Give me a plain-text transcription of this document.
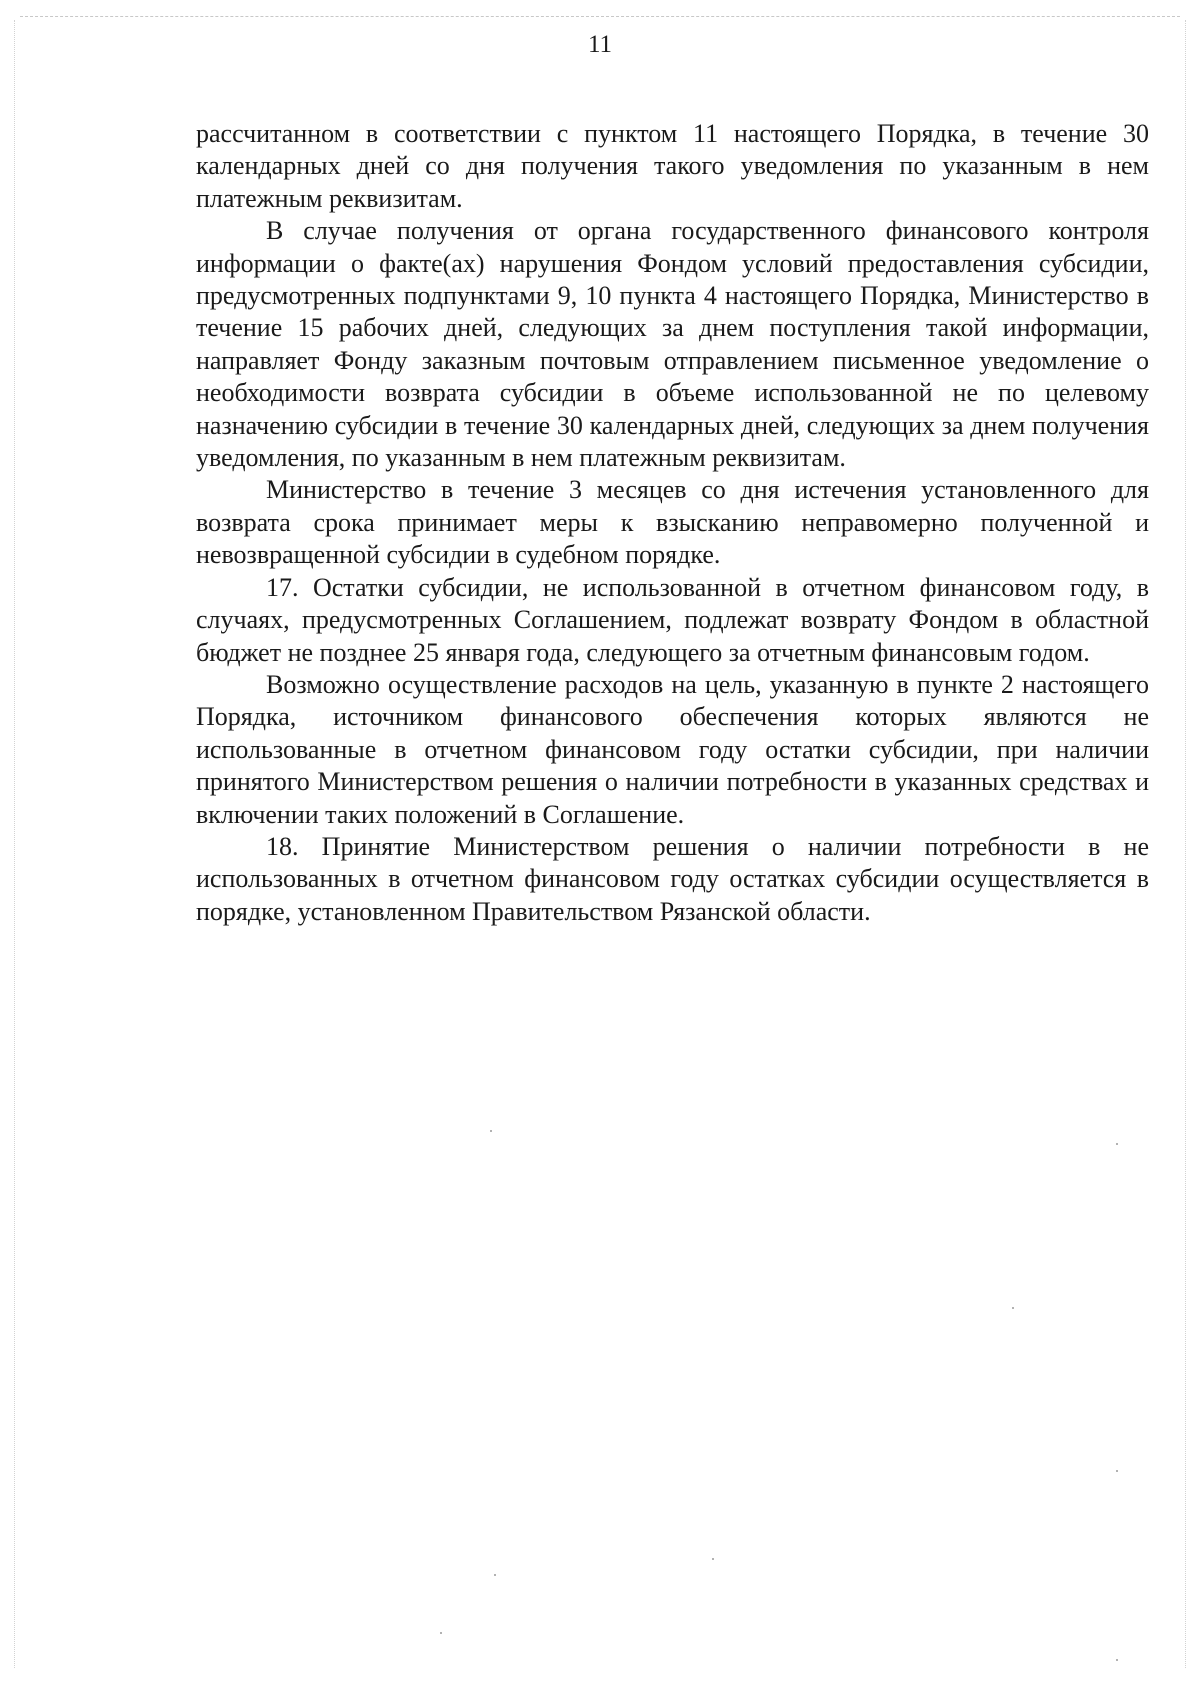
11

рассчитанном в соответствии с пунктом 11 настоящего Порядка, в течение 30 календарных дней со дня получения такого уведомления по указанным в нем платежным реквизитам.

В случае получения от органа государственного финансового контроля информации о факте(ах) нарушения Фондом условий предоставления субсидии, предусмотренных подпунктами 9, 10 пункта 4 настоящего Порядка, Министерство в течение 15 рабочих дней, следующих за днем поступления такой информации, направляет Фонду заказным почтовым отправлением письменное уведомление о необходимости возврата субсидии в объеме использованной не по целевому назначению субсидии в течение 30 календарных дней, следующих за днем получения уведомления, по указанным в нем платежным реквизитам.

Министерство в течение 3 месяцев со дня истечения установленного для возврата срока принимает меры к взысканию неправомерно полученной и невозвращенной субсидии в судебном порядке.

17. Остатки субсидии, не использованной в отчетном финансовом году, в случаях, предусмотренных Соглашением, подлежат возврату Фондом в областной бюджет не позднее 25 января года, следующего за отчетным финансовым годом.

Возможно осуществление расходов на цель, указанную в пункте 2 настоящего Порядка, источником финансового обеспечения которых являются не использованные в отчетном финансовом году остатки субсидии, при наличии принятого Министерством решения о наличии потребности в указанных средствах и включении таких положений в Соглашение.

18. Принятие Министерством решения о наличии потребности в не использованных в отчетном финансовом году остатках субсидии осуществляется в порядке, установленном Правительством Рязанской области.
